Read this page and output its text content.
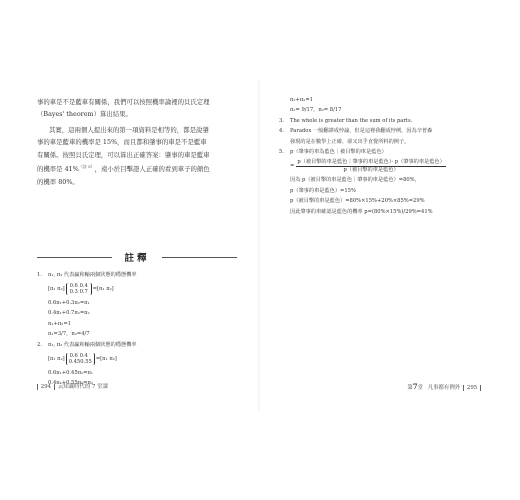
事的車是不是藍車有關係，我們可以按照機率論裡的貝氏定理

（Bayes' theorem）算出結果。

其實，這兩個人提出來的第一項資料是相等的，都是說肇

事的車是藍車的機率是 15%，而且都和肇事的車是不是藍車

有關係。按照貝氏定理，可以算出正確答案：肇事的車是藍車

的機率是 41%$^{(註 5)}$，遠小於目擊證人正確的看到車子的顏色

的機率 80%。

註釋
1. π₁, π₂ 代表贏和輸兩個狀態的穩態機率
[π₁ π₂]
0.6 0.4
0.3 0.7 =[π₁ π₂]
0.6π₁+0.3π₂=π₁
0.4π₁+0.7π₂=π₂
π₁+π₂=1
π₁=3/7，π₂=4/7
2. π₁, π₂ 代表贏和輸兩個狀態的穩態機率
[π₁ π₂]
0.6 0.4
0.450.55 =[π₁ π₂]
0.6π₁+0.45π₂=π₁
0.4π₁+0.55π₂=π₂
294 云知識時代的 7 堂課
π₁+π₂=1
π₁= 9/17，π₂= 8/17
3. The whole is greater than the sum of its parts.
4. Paradox 一般翻譯成悖論，但是這裡我翻成悖例，因為辛普森
發現的是在數學上正確、卻又出乎直覺所料的例子。
5. p（肇事的車為藍色｜被目擊的車是藍色）
= $\frac{\text{p（被目擊的車是藍色｜肇事的車是藍色）· p（肇事的車是藍色）}}{\text{p（被目擊的車是藍色）}}$
因為 p（被目擊的車是藍色｜肇事的車是藍色）=80%，
p（肇事的車是藍色）=15%
p（被目擊的車是藍色）=80%×15%+20%×85%=29%
因此肇事的車確認是藍色的機率 p=(80%×15%)/29%=41%
第7堂 凡事都有例外 295
